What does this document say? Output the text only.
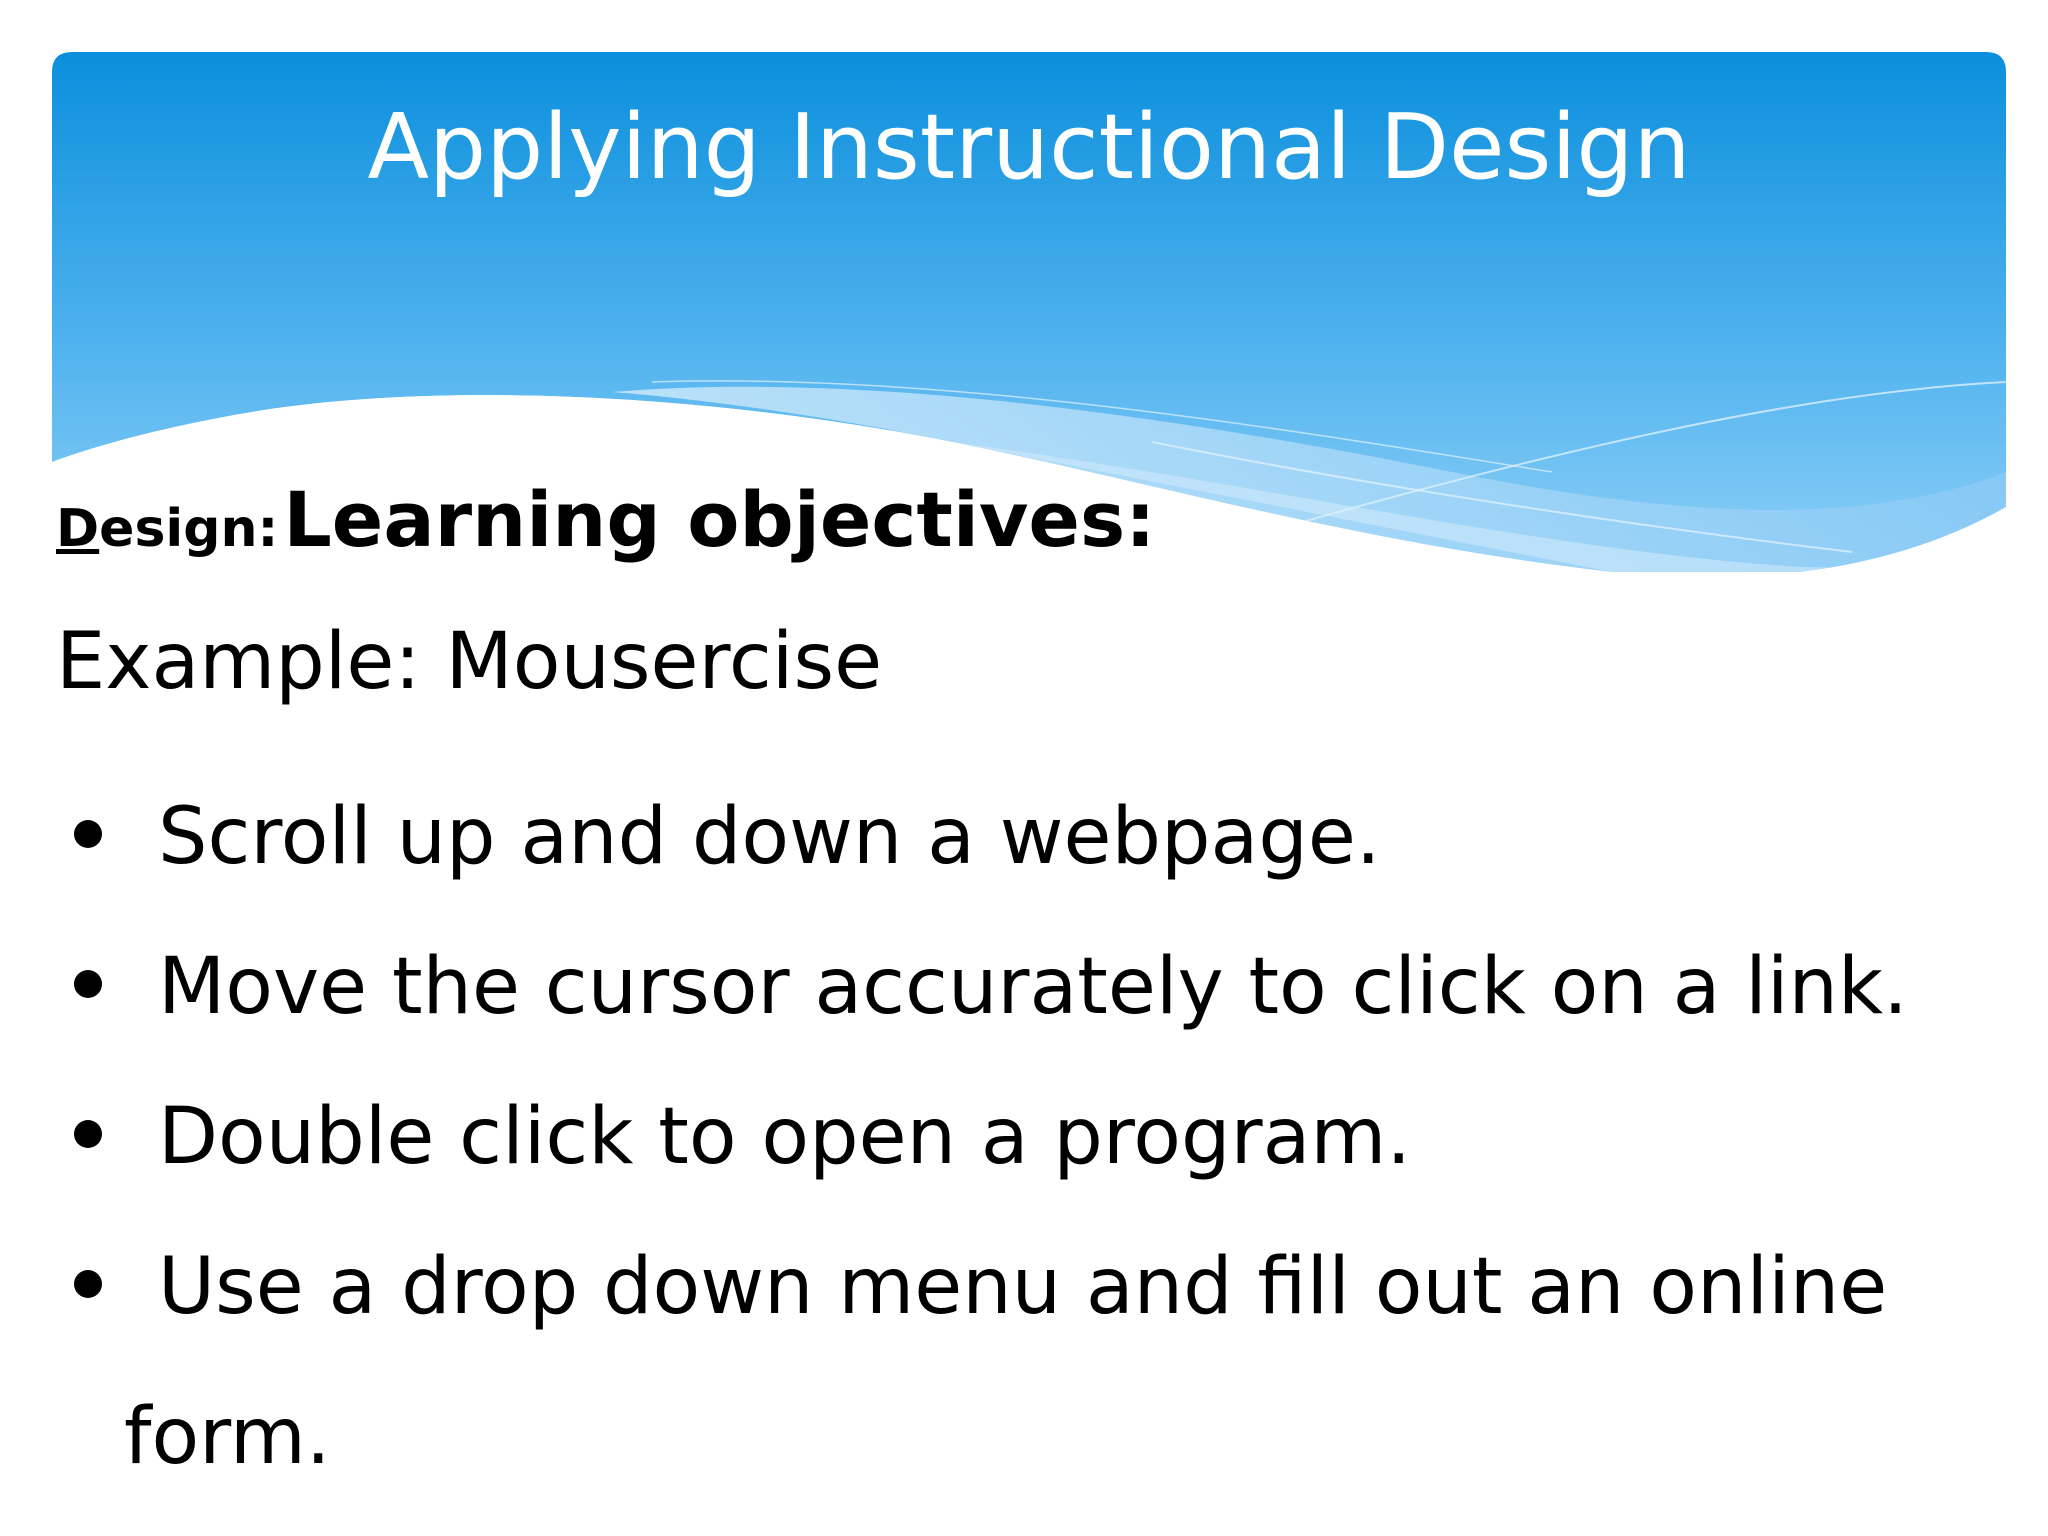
Applying Instructional Design
Design: Learning objectives:
Example: Mousercise
Scroll up and down a webpage.
Move the cursor accurately to click on a link.
Double click to open a program.
Use a drop down menu and fill out an online
form.
